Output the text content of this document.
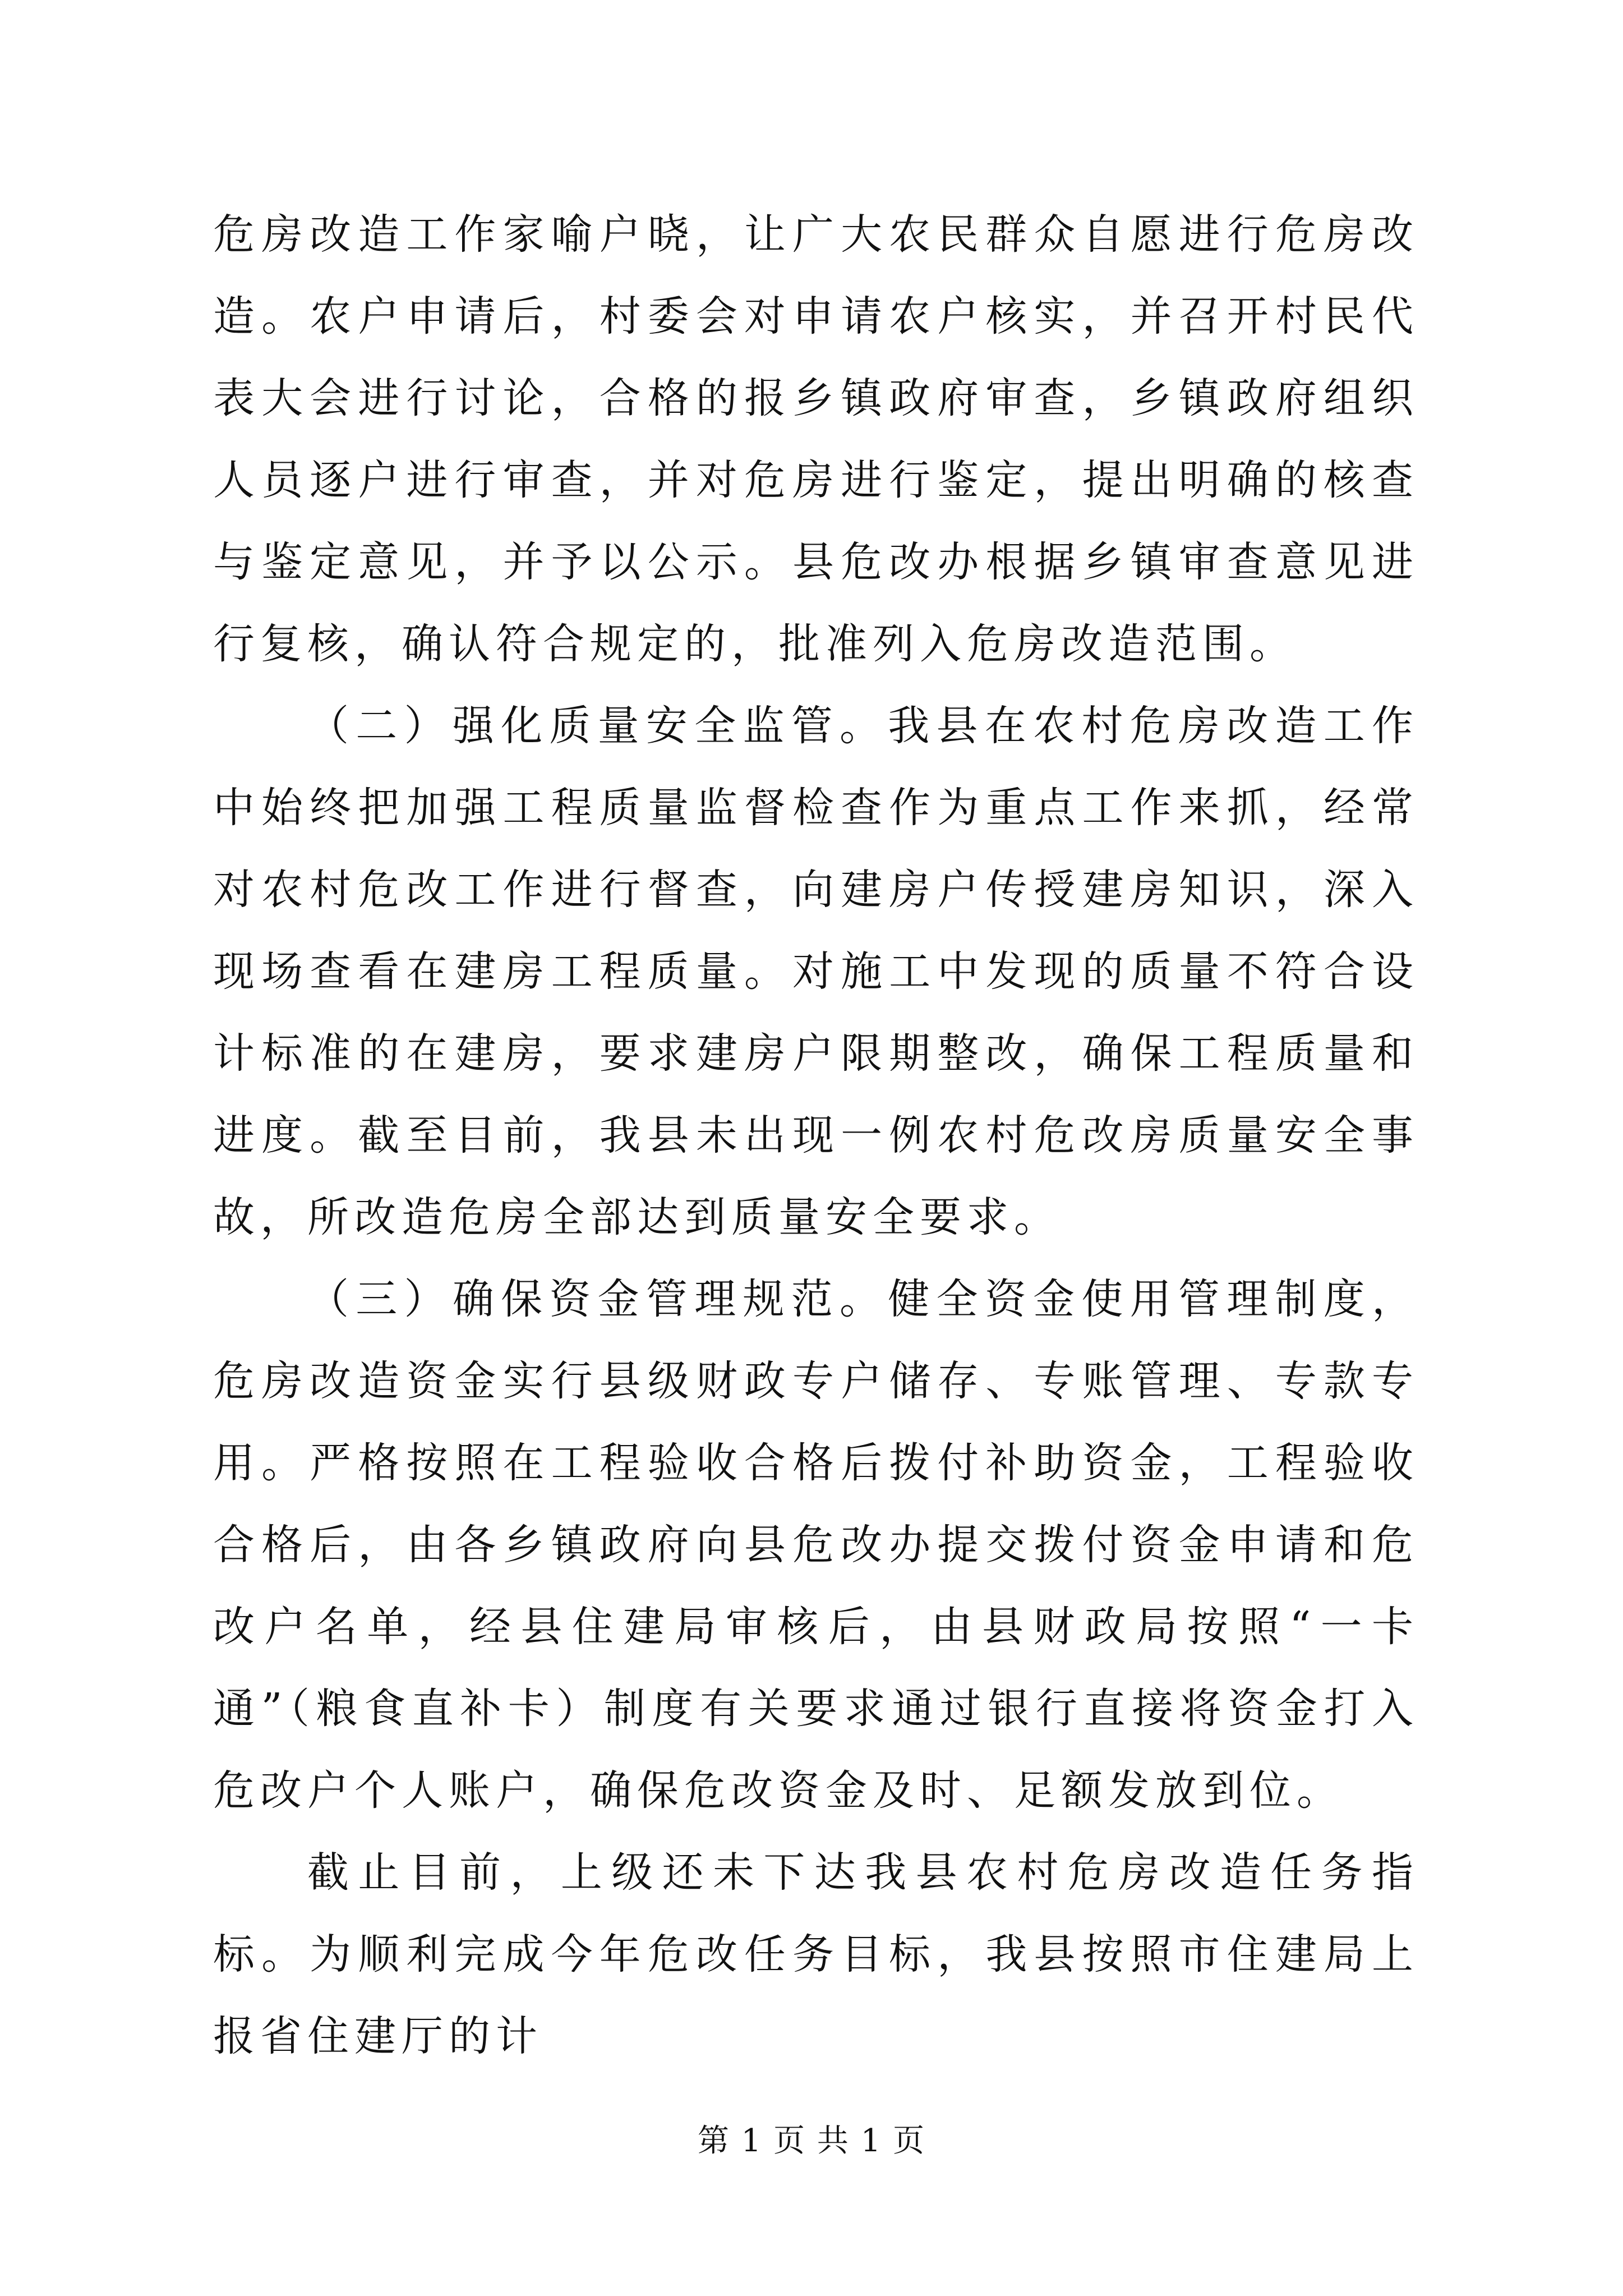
危房改造工作家喻户晓，让广大农民群众自愿进行危房改造。农户申请后，村委会对申请农户核实，并召开村民代表大会进行讨论，合格的报乡镇政府审查，乡镇政府组织人员逐户进行审查，并对危房进行鉴定，提出明确的核查与鉴定意见，并予以公示。县危改办根据乡镇审查意见进行复核，确认符合规定的，批准列入危房改造范围。

（二）强化质量安全监管。我县在农村危房改造工作中始终把加强工程质量监督检查作为重点工作来抓，经常对农村危改工作进行督查，向建房户传授建房知识，深入现场查看在建房工程质量。对施工中发现的质量不符合设计标准的在建房，要求建房户限期整改，确保工程质量和进度。截至目前，我县未出现一例农村危改房质量安全事故，所改造危房全部达到质量安全要求。

（三）确保资金管理规范。健全资金使用管理制度，危房改造资金实行县级财政专户储存、专账管理、专款专用。严格按照在工程验收合格后拨付补助资金，工程验收合格后，由各乡镇政府向县危改办提交拨付资金申请和危改户名单，经县住建局审核后，由县财政局按照“一卡通”（粮食直补卡）制度有关要求通过银行直接将资金打入危改户个人账户，确保危改资金及时、足额发放到位。

截止目前，上级还未下达我县农村危房改造任务指标。为顺利完成今年危改任务目标，我县按照市住建局上报省住建厅的计

第 1 页 共 1 页
